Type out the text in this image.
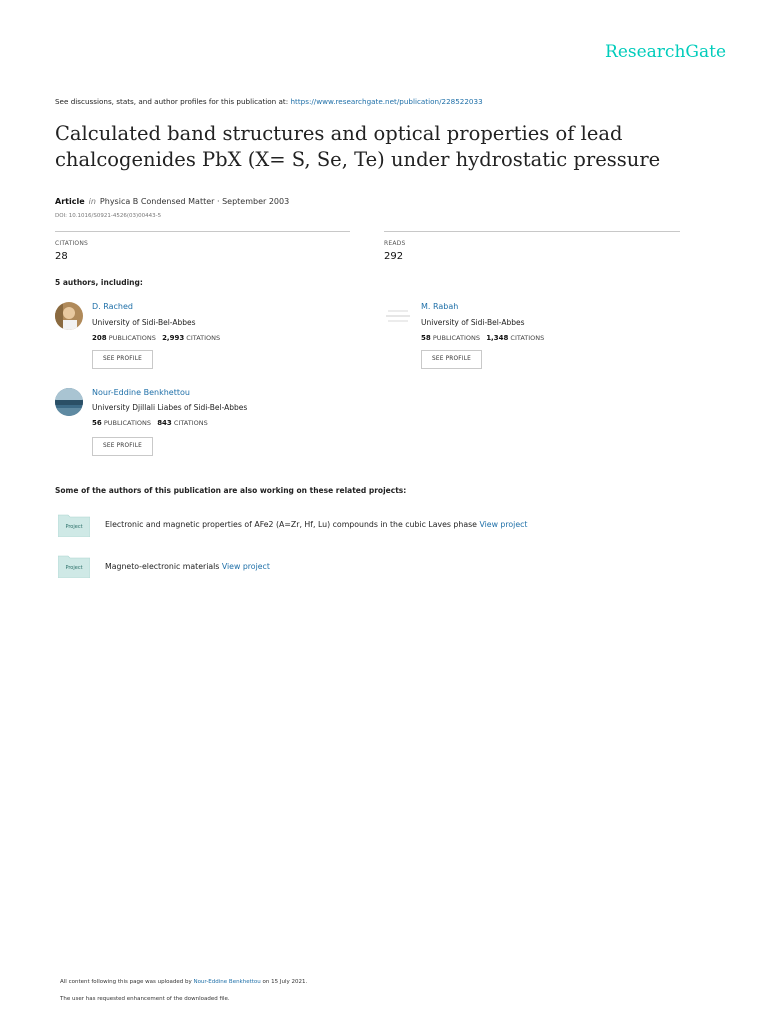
ResearchGate
See discussions, stats, and author profiles for this publication at: https://www.researchgate.net/publication/228522033
Calculated band structures and optical properties of lead chalcogenides PbX (X= S, Se, Te) under hydrostatic pressure
Article in Physica B Condensed Matter · September 2003
DOI: 10.1016/S0921-4526(03)00443-5
CITATIONS
28
READS
292
5 authors, including:
D. Rached
University of Sidi-Bel-Abbes
208 PUBLICATIONS 2,993 CITATIONS
SEE PROFILE
M. Rabah
University of Sidi-Bel-Abbes
58 PUBLICATIONS 1,348 CITATIONS
SEE PROFILE
Nour-Eddine Benkhettou
University Djillali Liabes of Sidi-Bel-Abbes
56 PUBLICATIONS 843 CITATIONS
SEE PROFILE
Some of the authors of this publication are also working on these related projects:
Project	Electronic and magnetic properties of AFe2 (A=Zr, Hf, Lu) compounds in the cubic Laves phase View project
Project	Magneto-electronic materials View project
All content following this page was uploaded by Nour-Eddine Benkhettou on 15 July 2021.
The user has requested enhancement of the downloaded file.
